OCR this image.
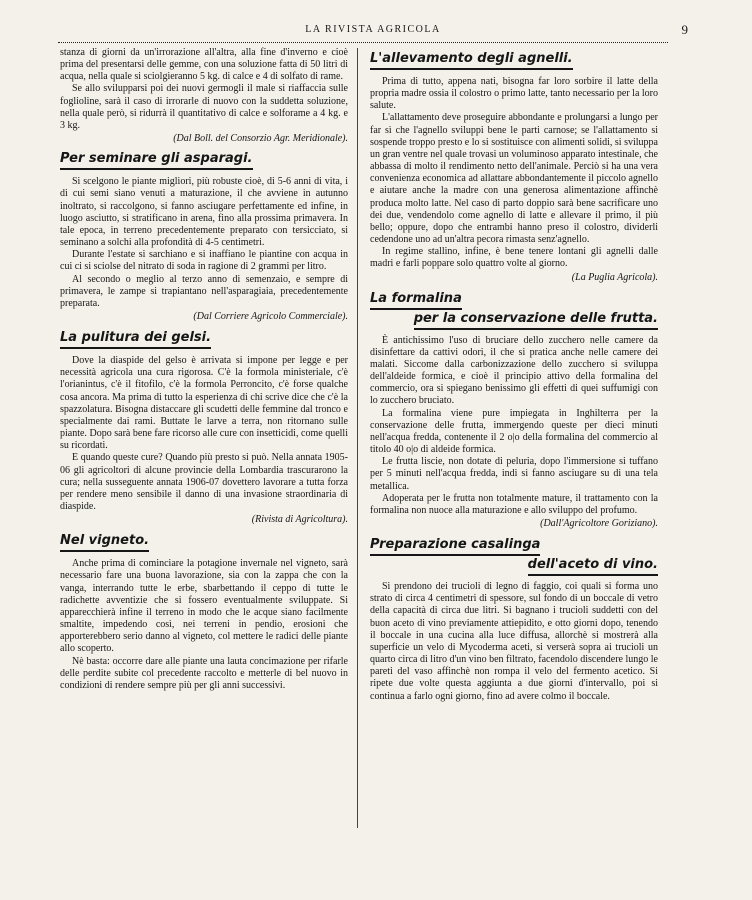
LA RIVISTA AGRICOLA	9

stanza di giorni da un'irrorazione all'altra, alla fine d'inverno e cioè prima del presentarsi delle gemme, con una soluzione fatta di 50 litri di acqua, nella quale si sciolgieranno 5 kg. di calce e 4 di solfato di rame.

Se allo svilupparsi poi dei nuovi germogli il male si riaffaccia sulle foglioline, sarà il caso di irrorarle di nuovo con la suddetta soluzione, nella quale però, si ridurrà il quantitativo di calce e solforame a 4 kg. e 3 kg.

(Dal Boll. del Consorzio Agr. Meridionale).

Per seminare gli asparagi.

Si scelgono le piante migliori, più robuste cioè, di 5-6 anni di vita, i di cui semi siano venuti a maturazione, il che avviene in autunno inoltrato, si raccolgono, si fanno asciugare perfettamente ed infine, in luogo asciutto, si stratificano in arena, fino alla prossima primavera. In tale epoca, in terreno precedentemente preparato con tersicciato, si seminano a solchi alla profondità di 4-5 centimetri.

Durante l'estate si sarchiano e si inaffiano le piantine con acqua in cui ci si sciolse del nitrato di soda in ragione di 2 grammi per litro.

Al secondo o meglio al terzo anno di semenzaio, e sempre di primavera, le zampe si trapiantano nell'asparagiaia, precedentemente preparata.

(Dal Corriere Agricolo Commerciale).

La pulitura dei gelsi.

Dove la diaspide del gelso è arrivata si impone per legge e per necessità agricola una cura rigorosa. C'è la formola ministeriale, c'è l'orianintus, c'è il fitofilo, c'è la formola Perroncito, c'è forse qualche cosa ancora. Ma prima di tutto la esperienza di chi scrive dice che c'è la spazzolatura. Bisogna distaccare gli scudetti delle femmine dal tronco e specialmente dai rami. Buttate le larve a terra, non ritornano sulle piante. Dopo sarà bene fare ricorso alle cure con insetticidi, come quelli su ricordati.

E quando queste cure? Quando più presto si può. Nella annata 1905-06 gli agricoltori di alcune provincie della Lombardia trascurarono la cura; nella susseguente annata 1906-07 dovettero lavorare a tutta forza per rendere meno sensibile il danno di una invasione straordinaria di diaspide.

(Rivista di Agricoltura).

Nel vigneto.

Anche prima di cominciare la potagione invernale nel vigneto, sarà necessario fare una buona lavorazione, sia con la zappa che con la vanga, interrando tutte le erbe, sbarbettando il ceppo di tutte le radichette avventizie che si fossero eventualmente sviluppate. Si apparecchierà infine il terreno in modo che le acque siano facilmente smaltite, impedendo così, nei terreni in pendio, erosioni che apporterebbero serio danno al vigneto, col mettere le radici delle piante allo scoperto.

Nè basta: occorre dare alle piante una lauta concimazione per rifarle delle perdite subite col precedente raccolto e metterle di bel nuovo in condizioni di rendere sempre più per gli anni successivi.

L'allevamento degli agnelli.

Prima di tutto, appena nati, bisogna far loro sorbire il latte della propria madre ossia il colostro o primo latte, tanto necessario per la loro salute.

L'allattamento deve proseguire abbondante e prolungarsi a lungo per far sì che l'agnello sviluppi bene le parti carnose; se l'allattamento si sospende troppo presto e lo si sostituisce con alimenti solidi, si sviluppa un gran ventre nel quale trovasi un voluminoso apparato intestinale, che abbassa di molto il rendimento netto dell'animale. Perciò si ha una vera convenienza economica ad allattare abbondantemente il piccolo agnello e aiutare anche la madre con una generosa alimentazione affinchè produca molto latte. Nel caso di parto doppio sarà bene sacrificare uno dei due, vendendolo come agnello di latte e allevare il primo, il più bello; oppure, dopo che entrambi hanno preso il colostro, dividerli cedendone uno ad un'altra pecora rimasta senz'agnello.

In regime stallino, infine, è bene tenere lontani gli agnelli dalle madri e farli poppare solo quattro volte al giorno.

(La Puglia Agricola).

La formalina
per la conservazione delle frutta.

È antichissimo l'uso di bruciare dello zucchero nelle camere da disinfettare da cattivi odori, il che si pratica anche nelle camere dei malati. Siccome dalla carbonizzazione dello zucchero si sviluppa dell'aldeide formica, e cioè il principio attivo della formalina del commercio, ora si spiegano benissimo gli effetti di quei suffumigi con lo zucchero bruciato.

La formalina viene pure impiegata in Inghilterra per la conservazione delle frutta, immergendo queste per dieci minuti nell'acqua fredda, contenente il 2 o|o della formalina del commercio al titolo 40 o|o di aldeide formica.

Le frutta liscie, non dotate di peluria, dopo l'immersione si tuffano per 5 minuti nell'acqua fredda, indi si fanno asciugare su di una tela metallica.

Adoperata per le frutta non totalmente mature, il trattamento con la formalina non nuoce alla maturazione e allo sviluppo del profumo.

(Dall'Agricoltore Goriziano).

Preparazione casalinga
dell'aceto di vino.

Si prendono dei trucioli di legno di faggio, coi quali si forma uno strato di circa 4 centimetri di spessore, sul fondo di un boccale di vetro della capacità di circa due litri. Si bagnano i trucioli suddetti con del buon aceto di vino previamente attiepidito, e otto giorni dopo, tenendo il boccale in una cucina alla luce diffusa, allorchè si mostrerà alla superficie un velo di Mycoderma aceti, si verserà sopra ai trucioli un quarto circa di litro d'un vino ben filtrato, facendolo discendere lungo le pareti del vaso affinchè non rompa il velo del fermento acetico. Si ripete due volte questa aggiunta a due giorni d'intervallo, poi si continua a farlo ogni giorno, fino ad avere colmo il boccale.
